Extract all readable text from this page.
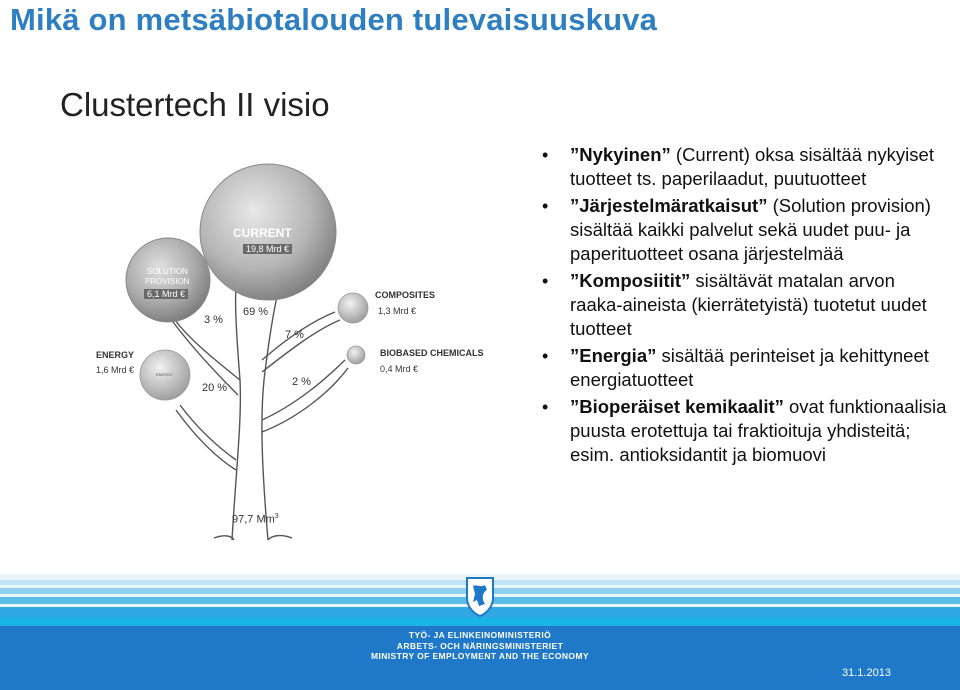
Mikä on metsäbiotalouden tulevaisuuskuva
Clustertech II visio
CURRENT
19,8 Mrd €
SOLUTION
PROVISION
6,1 Mrd €
ENERGY
COMPOSITES
1,3 Mrd €
BIOBASED CHEMICALS
0,4 Mrd €
ENERGY
1,6 Mrd €
69 %
3 %
7 %
2 %
20 %
97,7 Mm$^3$
• ”Nykyinen” (Current) oksa sisältää nykyiset tuotteet ts. paperilaadut, puutuotteet
• ”Järjestelmäratkaisut” (Solution provision) sisältää kaikki palvelut sekä uudet puu- ja paperituotteet osana järjestelmää
• ”Komposiitit” sisältävät matalan arvon raaka-aineista (kierrätetyistä) tuotetut uudet tuotteet
• ”Energia” sisältää perinteiset ja kehittyneet energiatuotteet
• ”Bioperäiset kemikaalit” ovat funktionaalisia puusta erotettuja tai fraktioituja yhdisteitä; esim. antioksidantit ja biomuovi
TYÖ- JA ELINKEINOMINISTERIÖ
ARBETS- OCH NÄRINGSMINISTERIET
MINISTRY OF EMPLOYMENT AND THE ECONOMY
31.1.2013
